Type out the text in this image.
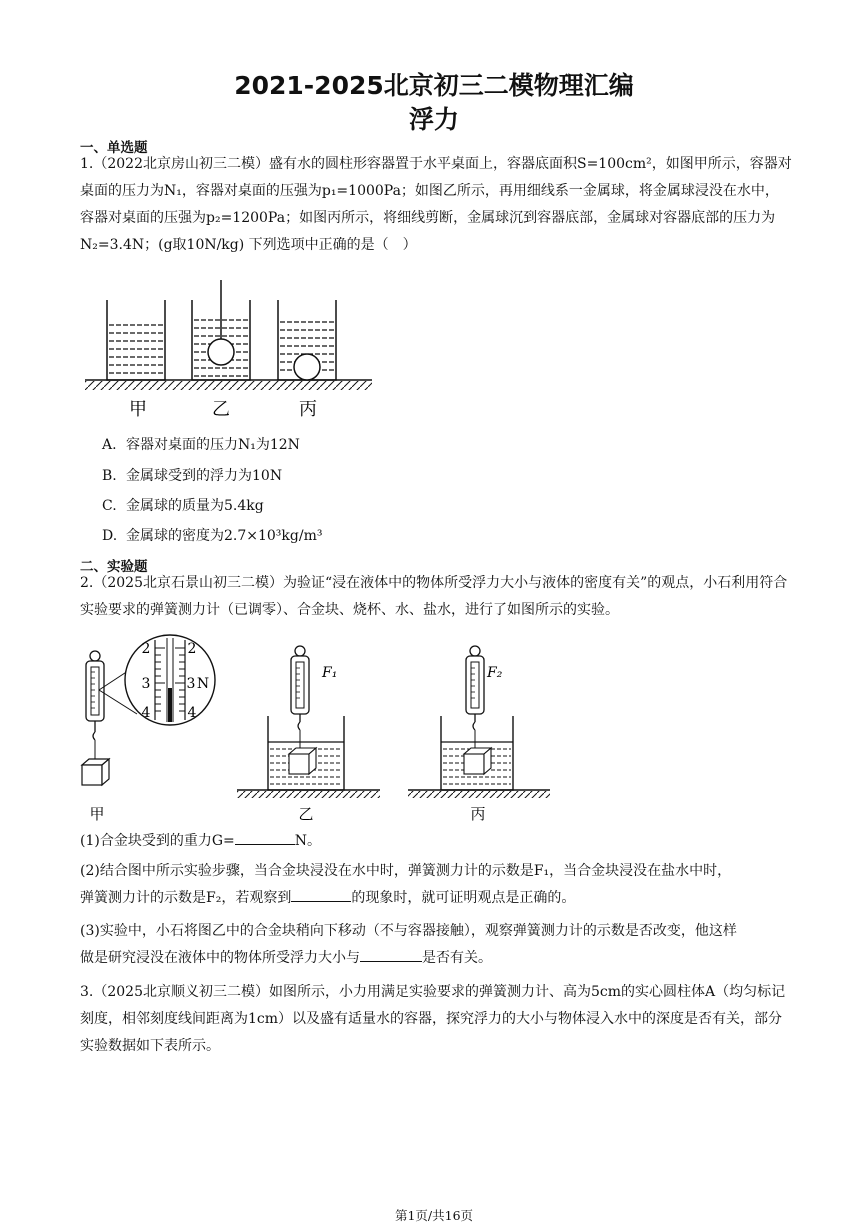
2021-2025北京初三二模物理汇编
浮力
一、单选题

1.（2022北京房山初三二模）盛有水的圆柱形容器置于水平桌面上，容器底面积S=100cm²，如图甲所示，容器对桌面的压力为N₁，容器对桌面的压强为p₁=1000Pa；如图乙所示，再用细线系一金属球，将金属球浸没在水中，容器对桌面的压强为p₂=1200Pa；如图丙所示，将细线剪断，金属球沉到容器底部，金属球对容器底部的压力为N₂=3.4N；(g取10N/kg) 下列选项中正确的是（　）

甲	乙	丙
A. 容器对桌面的压力N₁为12N
B. 金属球受到的浮力为10N
C. 金属球的质量为5.4kg
D. 金属球的密度为2.7×10³kg/m³
二、实验题

2.（2025北京石景山初三二模）为验证“浸在液体中的物体所受浮力大小与液体的密度有关”的观点，小石利用符合实验要求的弹簧测力计（已调零）、合金块、烧杯、水、盐水，进行了如图所示的实验。

2	2
3	3 N
4	4
甲
F₁
乙
F₂
丙

(1)合金块受到的重力G=	N。

(2)结合图中所示实验步骤，当合金块浸没在水中时，弹簧测力计的示数是F₁，当合金块浸没在盐水中时，
弹簧测力计的示数是F₂，若观察到	的现象时，就可证明观点是正确的。

(3)实验中，小石将图乙中的合金块稍向下移动（不与容器接触），观察弹簧测力计的示数是否改变，他这样
做是研究浸没在液体中的物体所受浮力大小与	是否有关。

3.（2025北京顺义初三二模）如图所示，小力用满足实验要求的弹簧测力计、高为5cm的实心圆柱体A（均匀标记刻度，相邻刻度线间距离为1cm）以及盛有适量水的容器，探究浮力的大小与物体浸入水中的深度是否有关，部分实验数据如下表所示。

第1页/共16页
